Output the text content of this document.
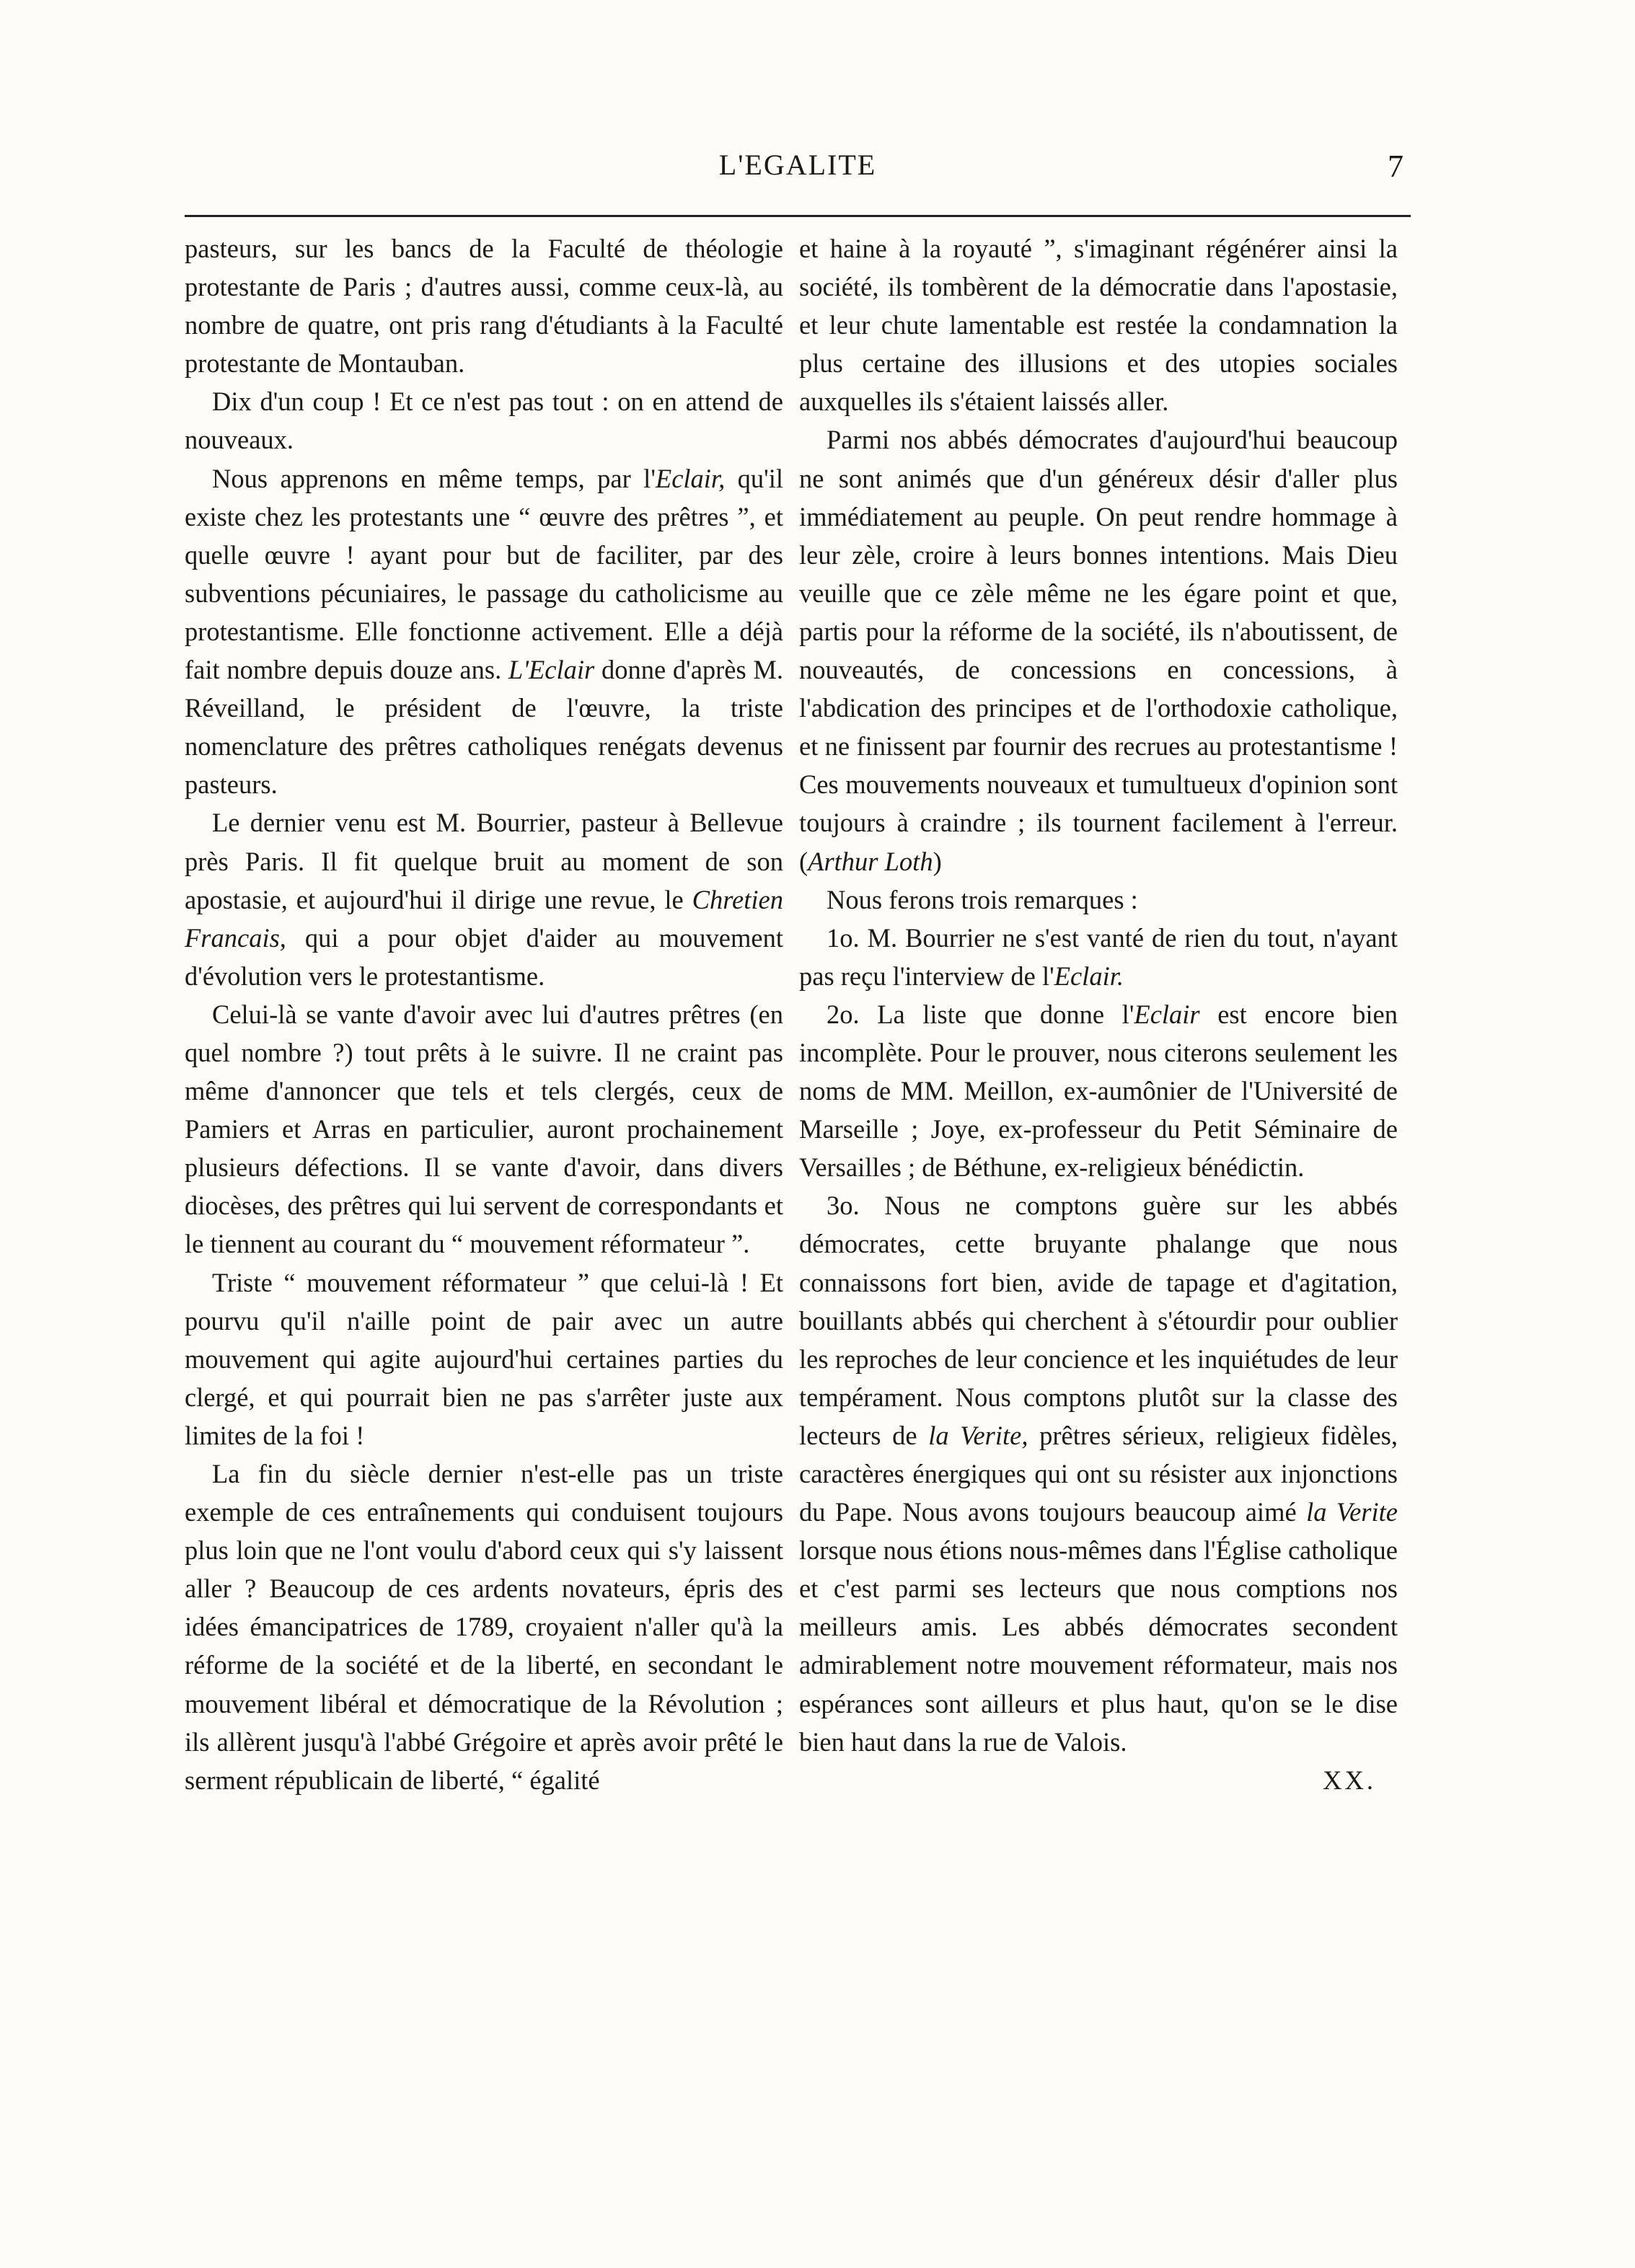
L'EGALITE	7

pasteurs, sur les bancs de la Faculté de théologie protestante de Paris ; d'autres aussi, comme ceux-là, au nombre de quatre, ont pris rang d'étudiants à la Faculté protestante de Montauban.

Dix d'un coup ! Et ce n'est pas tout : on en attend de nouveaux.

Nous apprenons en même temps, par l'Eclair, qu'il existe chez les protestants une “ œuvre des prêtres ”, et quelle œuvre ! ayant pour but de faciliter, par des subventions pécuniaires, le passage du catholicisme au protestantisme. Elle fonctionne activement. Elle a déjà fait nombre depuis douze ans. L'Eclair donne d'après M. Réveilland, le président de l'œuvre, la triste nomenclature des prêtres catholiques renégats devenus pasteurs.

Le dernier venu est M. Bourrier, pasteur à Bellevue près Paris. Il fit quelque bruit au moment de son apostasie, et aujourd'hui il dirige une revue, le Chretien Francais, qui a pour objet d'aider au mouvement d'évolution vers le protestantisme.

Celui-là se vante d'avoir avec lui d'autres prêtres (en quel nombre ?) tout prêts à le suivre. Il ne craint pas même d'annoncer que tels et tels clergés, ceux de Pamiers et Arras en particulier, auront prochainement plusieurs défections. Il se vante d'avoir, dans divers diocèses, des prêtres qui lui servent de correspondants et le tiennent au courant du “ mouvement réformateur ”.

Triste “ mouvement réformateur ” que celui-là ! Et pourvu qu'il n'aille point de pair avec un autre mouvement qui agite aujourd'hui certaines parties du clergé, et qui pourrait bien ne pas s'arrêter juste aux limites de la foi !

La fin du siècle dernier n'est-elle pas un triste exemple de ces entraînements qui conduisent toujours plus loin que ne l'ont voulu d'abord ceux qui s'y laissent aller ? Beaucoup de ces ardents novateurs, épris des idées émancipatrices de 1789, croyaient n'aller qu'à la réforme de la société et de la liberté, en secondant le mouvement libéral et démocratique de la Révolution ; ils allèrent jusqu'à l'abbé Grégoire et après avoir prêté le serment républicain de liberté, “ égalité

et haine à la royauté ”, s'imaginant régénérer ainsi la société, ils tombèrent de la démocratie dans l'apostasie, et leur chute lamentable est restée la condamnation la plus certaine des illusions et des utopies sociales auxquelles ils s'étaient laissés aller.

Parmi nos abbés démocrates d'aujourd'hui beaucoup ne sont animés que d'un généreux désir d'aller plus immédiatement au peuple. On peut rendre hommage à leur zèle, croire à leurs bonnes intentions. Mais Dieu veuille que ce zèle même ne les égare point et que, partis pour la réforme de la société, ils n'aboutissent, de nouveautés, de concessions en concessions, à l'abdication des principes et de l'orthodoxie catholique, et ne finissent par fournir des recrues au protestantisme ! Ces mouvements nouveaux et tumultueux d'opinion sont toujours à craindre ; ils tournent facilement à l'erreur. (Arthur Loth)

Nous ferons trois remarques :

1o. M. Bourrier ne s'est vanté de rien du tout, n'ayant pas reçu l'interview de l'Eclair.

2o. La liste que donne l'Eclair est encore bien incomplète. Pour le prouver, nous citerons seulement les noms de MM. Meillon, ex-aumônier de l'Université de Marseille ; Joye, ex-professeur du Petit Séminaire de Versailles ; de Béthune, ex-religieux bénédictin.

3o. Nous ne comptons guère sur les abbés démocrates, cette bruyante phalange que nous connaissons fort bien, avide de tapage et d'agitation, bouillants abbés qui cherchent à s'étourdir pour oublier les reproches de leur concience et les inquiétudes de leur tempérament. Nous comptons plutôt sur la classe des lecteurs de la Verite, prêtres sérieux, religieux fidèles, caractères énergiques qui ont su résister aux injonctions du Pape. Nous avons toujours beaucoup aimé la Verite lorsque nous étions nous-mêmes dans l'Église catholique et c'est parmi ses lecteurs que nous comptions nos meilleurs amis. Les abbés démocrates secondent admirablement notre mouvement réformateur, mais nos espérances sont ailleurs et plus haut, qu'on se le dise bien haut dans la rue de Valois.

XX.
